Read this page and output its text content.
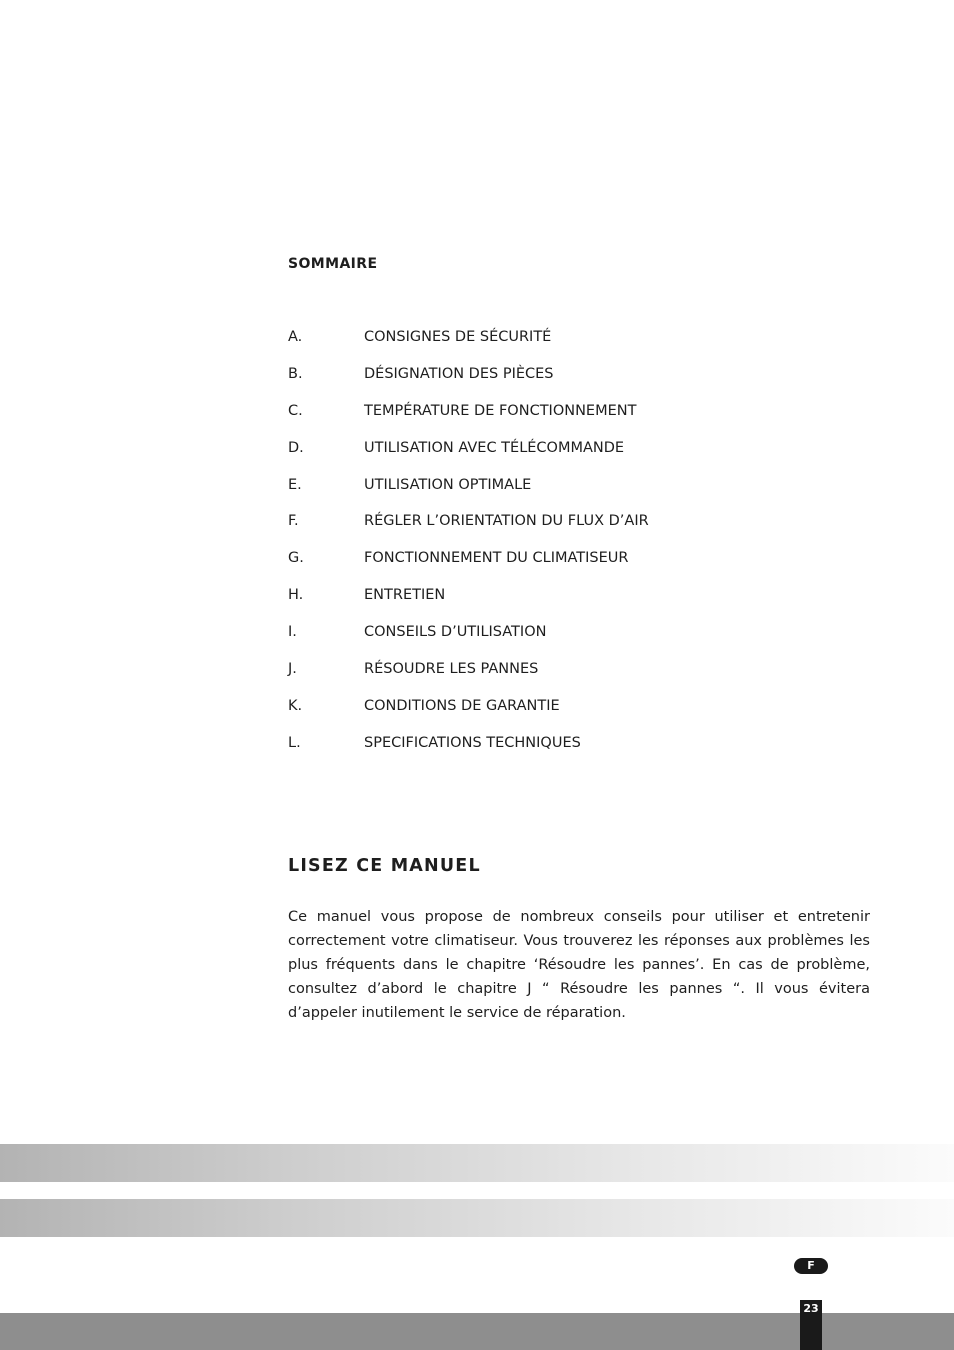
SOMMAIRE
A.	CONSIGNES DE SÉCURITÉ
B.	DÉSIGNATION DES PIÈCES
C.	TEMPÉRATURE DE FONCTIONNEMENT
D.	UTILISATION AVEC TÉLÉCOMMANDE
E.	UTILISATION OPTIMALE
F.	RÉGLER L’ORIENTATION DU FLUX D’AIR
G.	FONCTIONNEMENT DU CLIMATISEUR
H.	ENTRETIEN
I.	CONSEILS D’UTILISATION
J.	RÉSOUDRE LES PANNES
K.	CONDITIONS DE GARANTIE
L.	SPECIFICATIONS TECHNIQUES
LISEZ CE MANUEL

Ce manuel vous propose de nombreux conseils pour utiliser et entretenir correctement votre climatiseur. Vous trouverez les réponses aux problèmes les plus fréquents dans le chapitre ‘Résoudre les pannes’. En cas de problème, consultez d’abord le chapitre J “ Résoudre les pannes “. Il vous évitera d’appeler inutilement le service de réparation.

F
23
